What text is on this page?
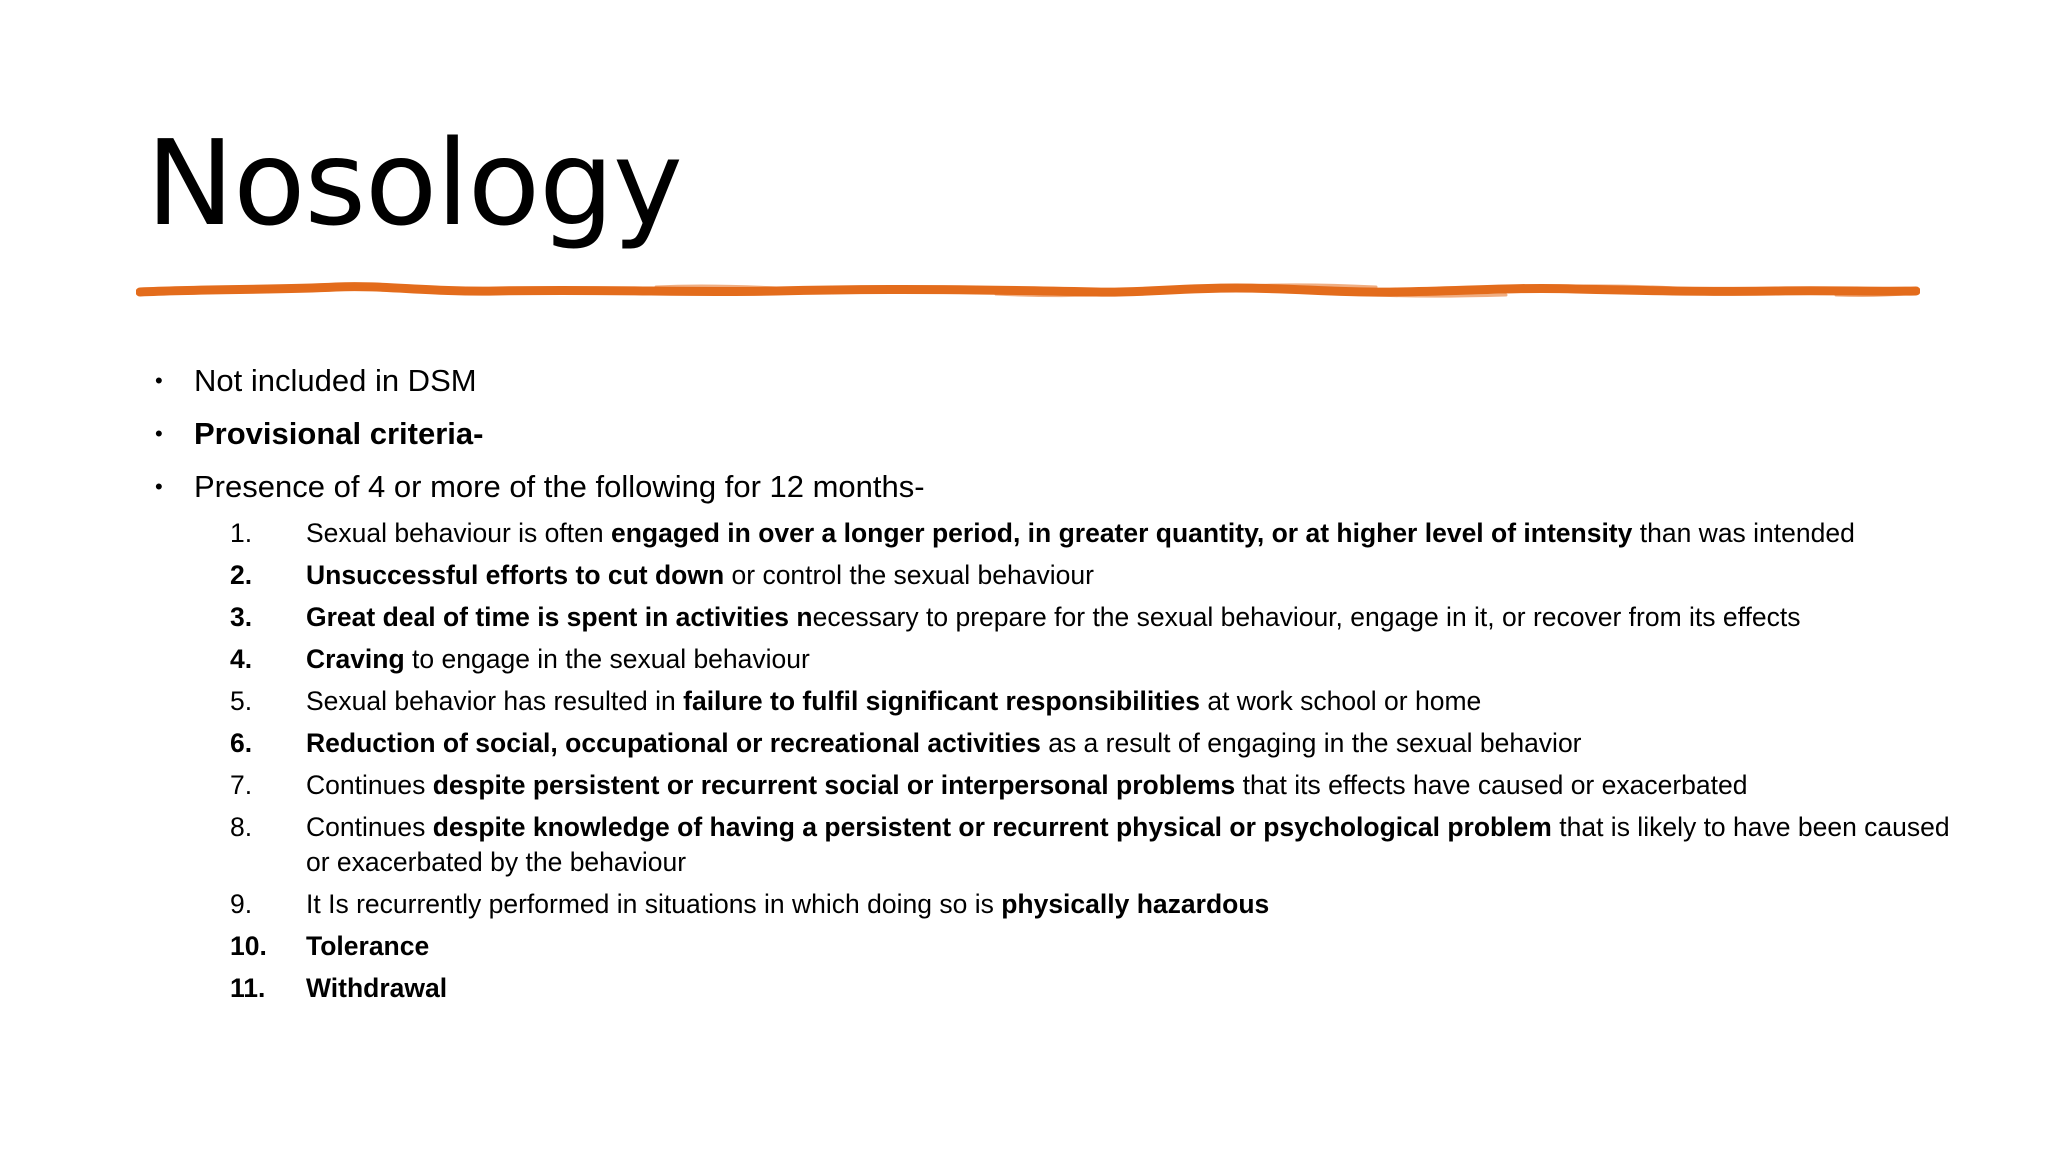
Nosology
• Not included in DSM
• Provisional criteria-
• Presence of 4 or more of the following for 12 months-
1.	Sexual behaviour is often engaged in over a longer period, in greater quantity, or at higher level of intensity than was intended
2.	Unsuccessful efforts to cut down or control the sexual behaviour
3.	Great deal of time is spent in activities necessary to prepare for the sexual behaviour, engage in it, or recover from its effects
4.	Craving to engage in the sexual behaviour
5.	Sexual behavior has resulted in failure to fulfil significant responsibilities at work school or home
6.	Reduction of social, occupational or recreational activities as a result of engaging in the sexual behavior
7.	Continues despite persistent or recurrent social or interpersonal problems that its effects have caused or exacerbated
8.	Continues despite knowledge of having a persistent or recurrent physical or psychological problem that is likely to have been caused or exacerbated by the behaviour
9.	It Is recurrently performed in situations in which doing so is physically hazardous
10.	Tolerance
11.	Withdrawal
